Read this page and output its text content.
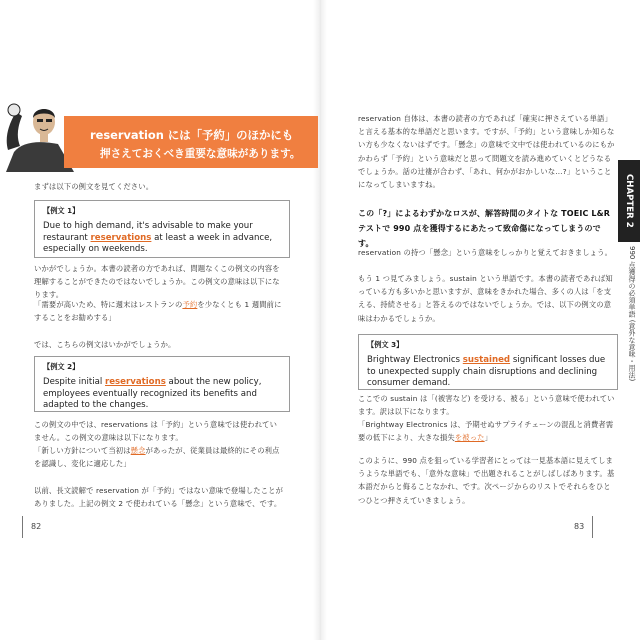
reservation には「予約」のほかにも
押さえておくべき重要な意味があります。
まずは以下の例文を見てください。
【例文 1】
Due to high demand, it's advisable to make your restaurant reservations at least a week in advance, especially on weekends.
いかがでしょうか。本書の読者の方であれば、問題なくこの例文の内容を理解することができたのではないでしょうか。この例文の意味は以下になります。
「需要が高いため、特に週末はレストランの予約を少なくとも 1 週間前にすることをお勧めする」
では、こちらの例文はいかがでしょうか。
【例文 2】
Despite initial reservations about the new policy, employees eventually recognized its benefits and adapted to the changes.
この例文の中では、reservations は「予約」という意味では使われていません。この例文の意味は以下になります。
「新しい方針について当初は懸念があったが、従業員は最終的にその利点を認識し、変化に適応した」
以前、長文読解で reservation が「予約」ではない意味で登場したことがありました。上記の例文 2 で使われている「懸念」という意味で、です。
82
reservation 自体は、本書の読者の方であれば「確実に押さえている単語」と言える基本的な単語だと思います。ですが、「予約」という意味しか知らない方も少なくないはずです。「懸念」の意味で文中では使われているのにもかかわらず「予約」という意味だと思って問題文を読み進めていくとどうなるでしょうか。話の辻褄が合わず、「あれ、何かがおかしいな…?」ということになってしまいますね。
この「?」によるわずかなロスが、解答時間のタイトな TOEIC L&R テストで 990 点を獲得するにあたって致命傷になってしまうのです。
reservation の持つ「懸念」という意味をしっかりと覚えておきましょう。
もう 1 つ見てみましょう。sustain という単語です。本書の読者であれば知っている方も多いかと思いますが、意味をきかれた場合、多くの人は「を支える、持続させる」と答えるのではないでしょうか。では、以下の例文の意味はわかるでしょうか。
【例文 3】
Brightway Electronics sustained significant losses due to unexpected supply chain disruptions and declining consumer demand.
ここでの sustain は「(被害など) を受ける、被る」という意味で使われています。訳は以下になります。
「Brightway Electronics は、予期せぬサプライチェーンの混乱と消費者需要の低下により、大きな損失を被った」
このように、990 点を狙っている学習者にとっては一見基本語に見えてしまうような単語でも、「意外な意味」で出題されることがしばしばあります。基本語だからと侮ることなかれ、です。次ページからのリストでそれらをひとつひとつ押さえていきましょう。
CHAPTER 2
990 点獲得の必須単語 (意外な意味・用法)
83
